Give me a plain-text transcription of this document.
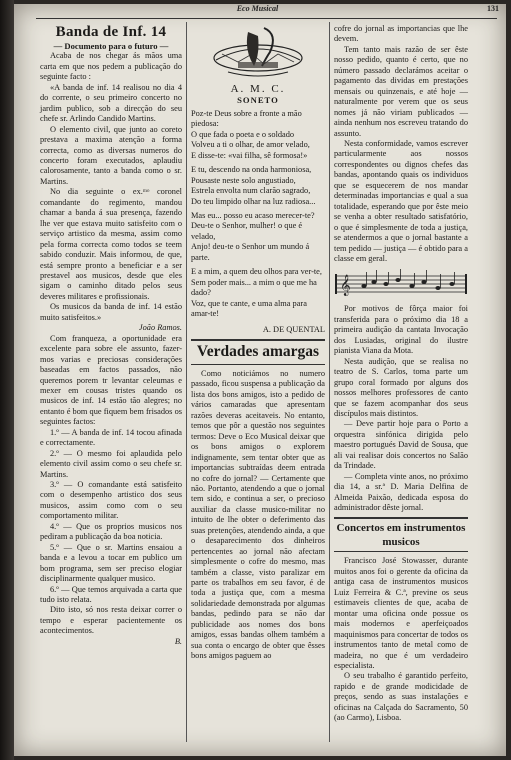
Eco Musical	131
Banda de Inf. 14
— Documento para o futuro —

Acaba de nos chegar ás mãos uma carta em que nos pedem a publicação do seguinte facto :

«A banda de inf. 14 realisou no dia 4 do corrente, o seu primeiro concerto no jardim publico, sob a direcção do seu chefe sr. Arlindo Candido Martins.

O elemento civil, que junto ao coreto prestava a maxima atenção a forma correcta, como as diversas numeros do concerto foram executados, aplaudiu calorosamente, tanto a banda como o sr. Martins.

No dia seguinte o ex.ᵐᵒ coronel comandante do regimento, mandou chamar a banda á sua presença, fazendo lhe ver que estava muito satisfeito com o serviço artistico da mesma, assim como pela forma correcta como todos se teem sabido conduzir. Mais informou, de que, está sempre pronto a beneficiar e a ser prestavel aos musicos, desde que eles sigam o caminho ditado pelos seus deveres militares e profissionais.

Os musicos da banda de inf. 14 estão muito satisfeitos.»

João Ramos.

Com franqueza, a oportunidade era excelente para sobre ele assunto, fazer-mos varias e preciosas considerações baseadas em factos passados, não queremos porem tr levantar celeumas e mexer em cousas tristes quando os musicos de inf. 14 estão tão alegres; no entanto é bom que fiquem bem frisados os seguintes factos:

1.º — A banda de inf. 14 tocou afinada e correctamente.

2.º — O mesmo foi aplaudida pelo elemento civil assim como o seu chefe sr. Martins.

3.º — O comandante está satisfeito com o desempenho artistico dos seus musicos, assim como com o seu comportamento militar.

4.º — Que os proprios musicos nos pediram a publicação da boa noticia.

5.º — Que o sr. Martins ensaiou a banda e a levou a tocar em publico um bom programa, sem ser preciso elogiar disciplinarmente qualquer musico.

6.º — Que temos arquivada a carta que tudo isto relata.

Dito isto, só nos resta deixar correr o tempo e esperar pacientemente os acontecimentos.

B.

A. M. C.
SONETO

Poz-te Deus sobre a fronte a mão piedosa:

O que fada o poeta e o soldado

Volveu a ti o olhar, de amor velado,

E disse-te: «vai filha, sê formosa!»

E tu, descendo na onda harmoniosa,

Pousaste neste solo angustiado,

Estrela envolta num clarão sagrado,

Do teu limpido olhar na luz radiosa...

Mas eu... posso eu acaso merecer-te?

Deu-te o Senhor, mulher! o que é velado,

Anjo! deu-te o Senhor um mundo á parte.

E a mim, a quem deu olhos para ver-te,

Sem poder mais... a mim o que me ha dado?

Voz, que te cante, e uma alma para amar-te!

A. DE QUENTAL

Verdades amargas

Como noticiámos no numero passado, ficou suspensa a publicação da lista dos bons amigos, isto a pedido de vários camaradas que apresentam razões deveras aceitaveis. No entanto, temos que pôr a questão nos seguintes termos: Deve o Eco Musical deixar que os bons amigos o explorem indignamente, sem tentar obter que as importancias subtraídas deem entrada no cofre do jornal? — Certamente que não. Portanto, atendendo a que o jornal tem sido, e continua a ser, o precioso auxiliar da classe musico-militar no intuito de lhe obter o deferimento das suas pretenções, atendendo ainda, a que o desaparecimento dos dinheiros pertencentes ao jornal não afectam simplesmente o cofre do mesmo, mas também a classe, visto paralizar em parte os trabalhos em seu favor, é de toda a justiça que, com a mesma solidariedade demonstrada por algumas bandas, pedindo para se não dar publicidade aos nomes dos bons amigos, essas bandas olhem também a sua conta o encargo de obter que êsses bons amigos paguem ao

cofre do jornal as importancias que lhe devem.

Tem tanto mais razão de ser êste nosso pedido, quanto é certo, que no número passado declarámos aceitar o pagamento das dividas em prestações mensais ou quinzenais, e até hoje — naturalmente por verem que os seus nomes já não viriam publicados — ainda nenhum nos escreveu tratando do assunto.

Nesta conformidade, vamos escrever particularmente aos nossos correspondentes ou dignos chefes das bandas, apontando quais os individuos que se esquecerem de nos mandar determinadas importancias e qual a sua totalidade, esperando que por êste meio se venha a obter resultado satisfatório, o que é simplesmente de toda a justiça, se atendermos a que o jornal bastante a tem pedido — justiça — é obtido para a classe em geral.

𝄞

Por motivos de fôrça maior foi transferida para o próximo dia 18 a primeira audição da cantata Invocação dos Lusiadas, original do ilustre pianista Viana da Mota.

Nesta audição, que se realisa no teatro de S. Carlos, toma parte um grupo coral formado por alguns dos nossos melhores professores de canto que se fazem acompanhar dos seus discípulos mais distintos.

— Deve partir hoje para o Porto a orquestra sinfónica dirigida pelo maestro portugués David de Sousa, que ali vai realisar dois concertos no Salão da Trindade.

— Completa vinte anos, no próximo dia 14, a sr.ª D. Maria Delfina de Almeida Paixão, dedicada esposa do administrador dêste jornal.

Concertos em instrumentos musicos

Francisco José Stowasser, durante muitos anos foi o gerente da oficina da antiga casa de instrumentos musicos Luiz Ferreira & C.ª, previne os seus estimaveis clientes de que, acaba de montar uma oficina onde possue os mais modernos e aperfeiçoados maquinismos para concertar de todos os instrumentos tanto de metal como de madeira, no que é um verdadeiro especialista.

O seu trabalho é garantido perfeito, rapido e de grande modicidade de preços, sendo as suas instalações e oficinas na Calçada do Sacramento, 50 (ao Carmo), Lisboa.
